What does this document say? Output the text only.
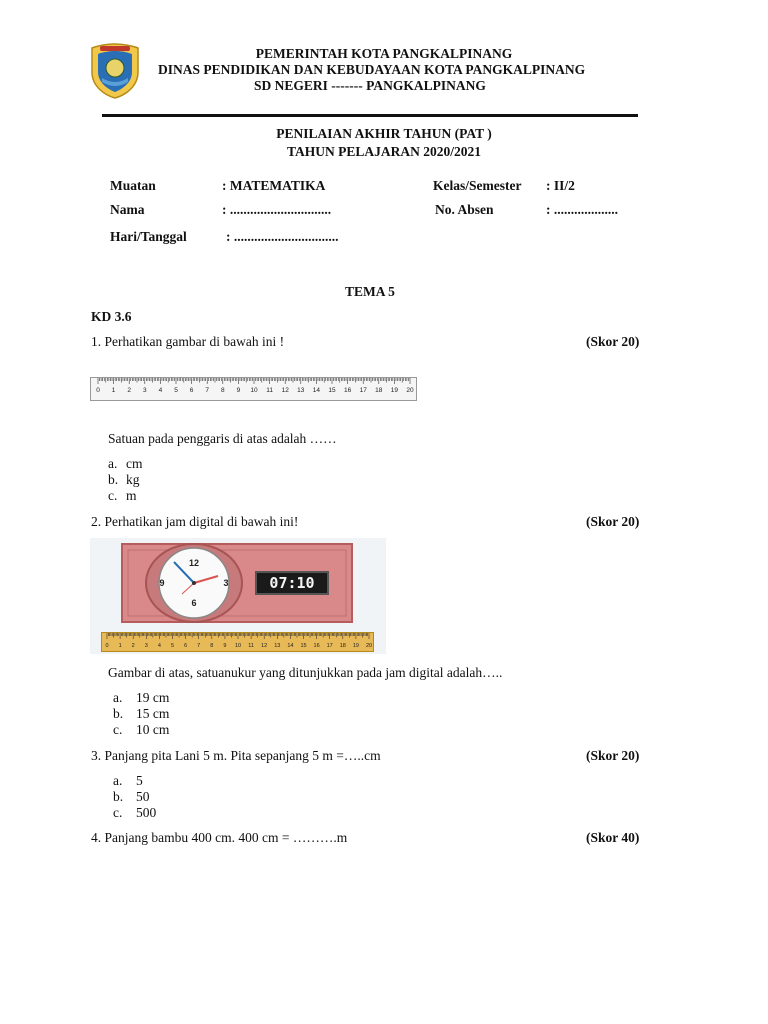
PEMERINTAH KOTA PANGKALPINANG
DINAS PENDIDIKAN DAN KEBUDAYAAN KOTA PANGKALPINANG
SD NEGERI ------- PANGKALPINANG
PENILAIAN AKHIR TAHUN (PAT )
TAHUN PELAJARAN 2020/2021
Muatan	: MATEMATIKA	Kelas/Semester : II/2
Nama	: ..............................	No. Absen	: ...................
Hari/Tanggal	: ...............................
TEMA 5
KD 3.6
1. Perhatikan gambar di bawah ini !	(Skor 20)
0 1 2 3 4 5 6 7 8 9 10 11 12 13 14 15 16 17 18 19 20
Satuan pada penggaris di atas adalah ……
a. cm
b. kg
c. m
2. Perhatikan jam digital di bawah ini!	(Skor 20)
12
3
6
9	07:10
0 1 2 3 4 5 6 7 8 9 10 11 12 13 14 15 16 17 18 19 20
Gambar di atas, satuanukur yang ditunjukkan pada jam digital adalah…..
a. 19 cm
b. 15 cm
c. 10 cm
3. Panjang pita Lani 5 m. Pita sepanjang 5 m =…..cm	(Skor 20)
a. 5
b. 50
c. 500
4. Panjang bambu 400 cm. 400 cm = ……….m	(Skor 40)
